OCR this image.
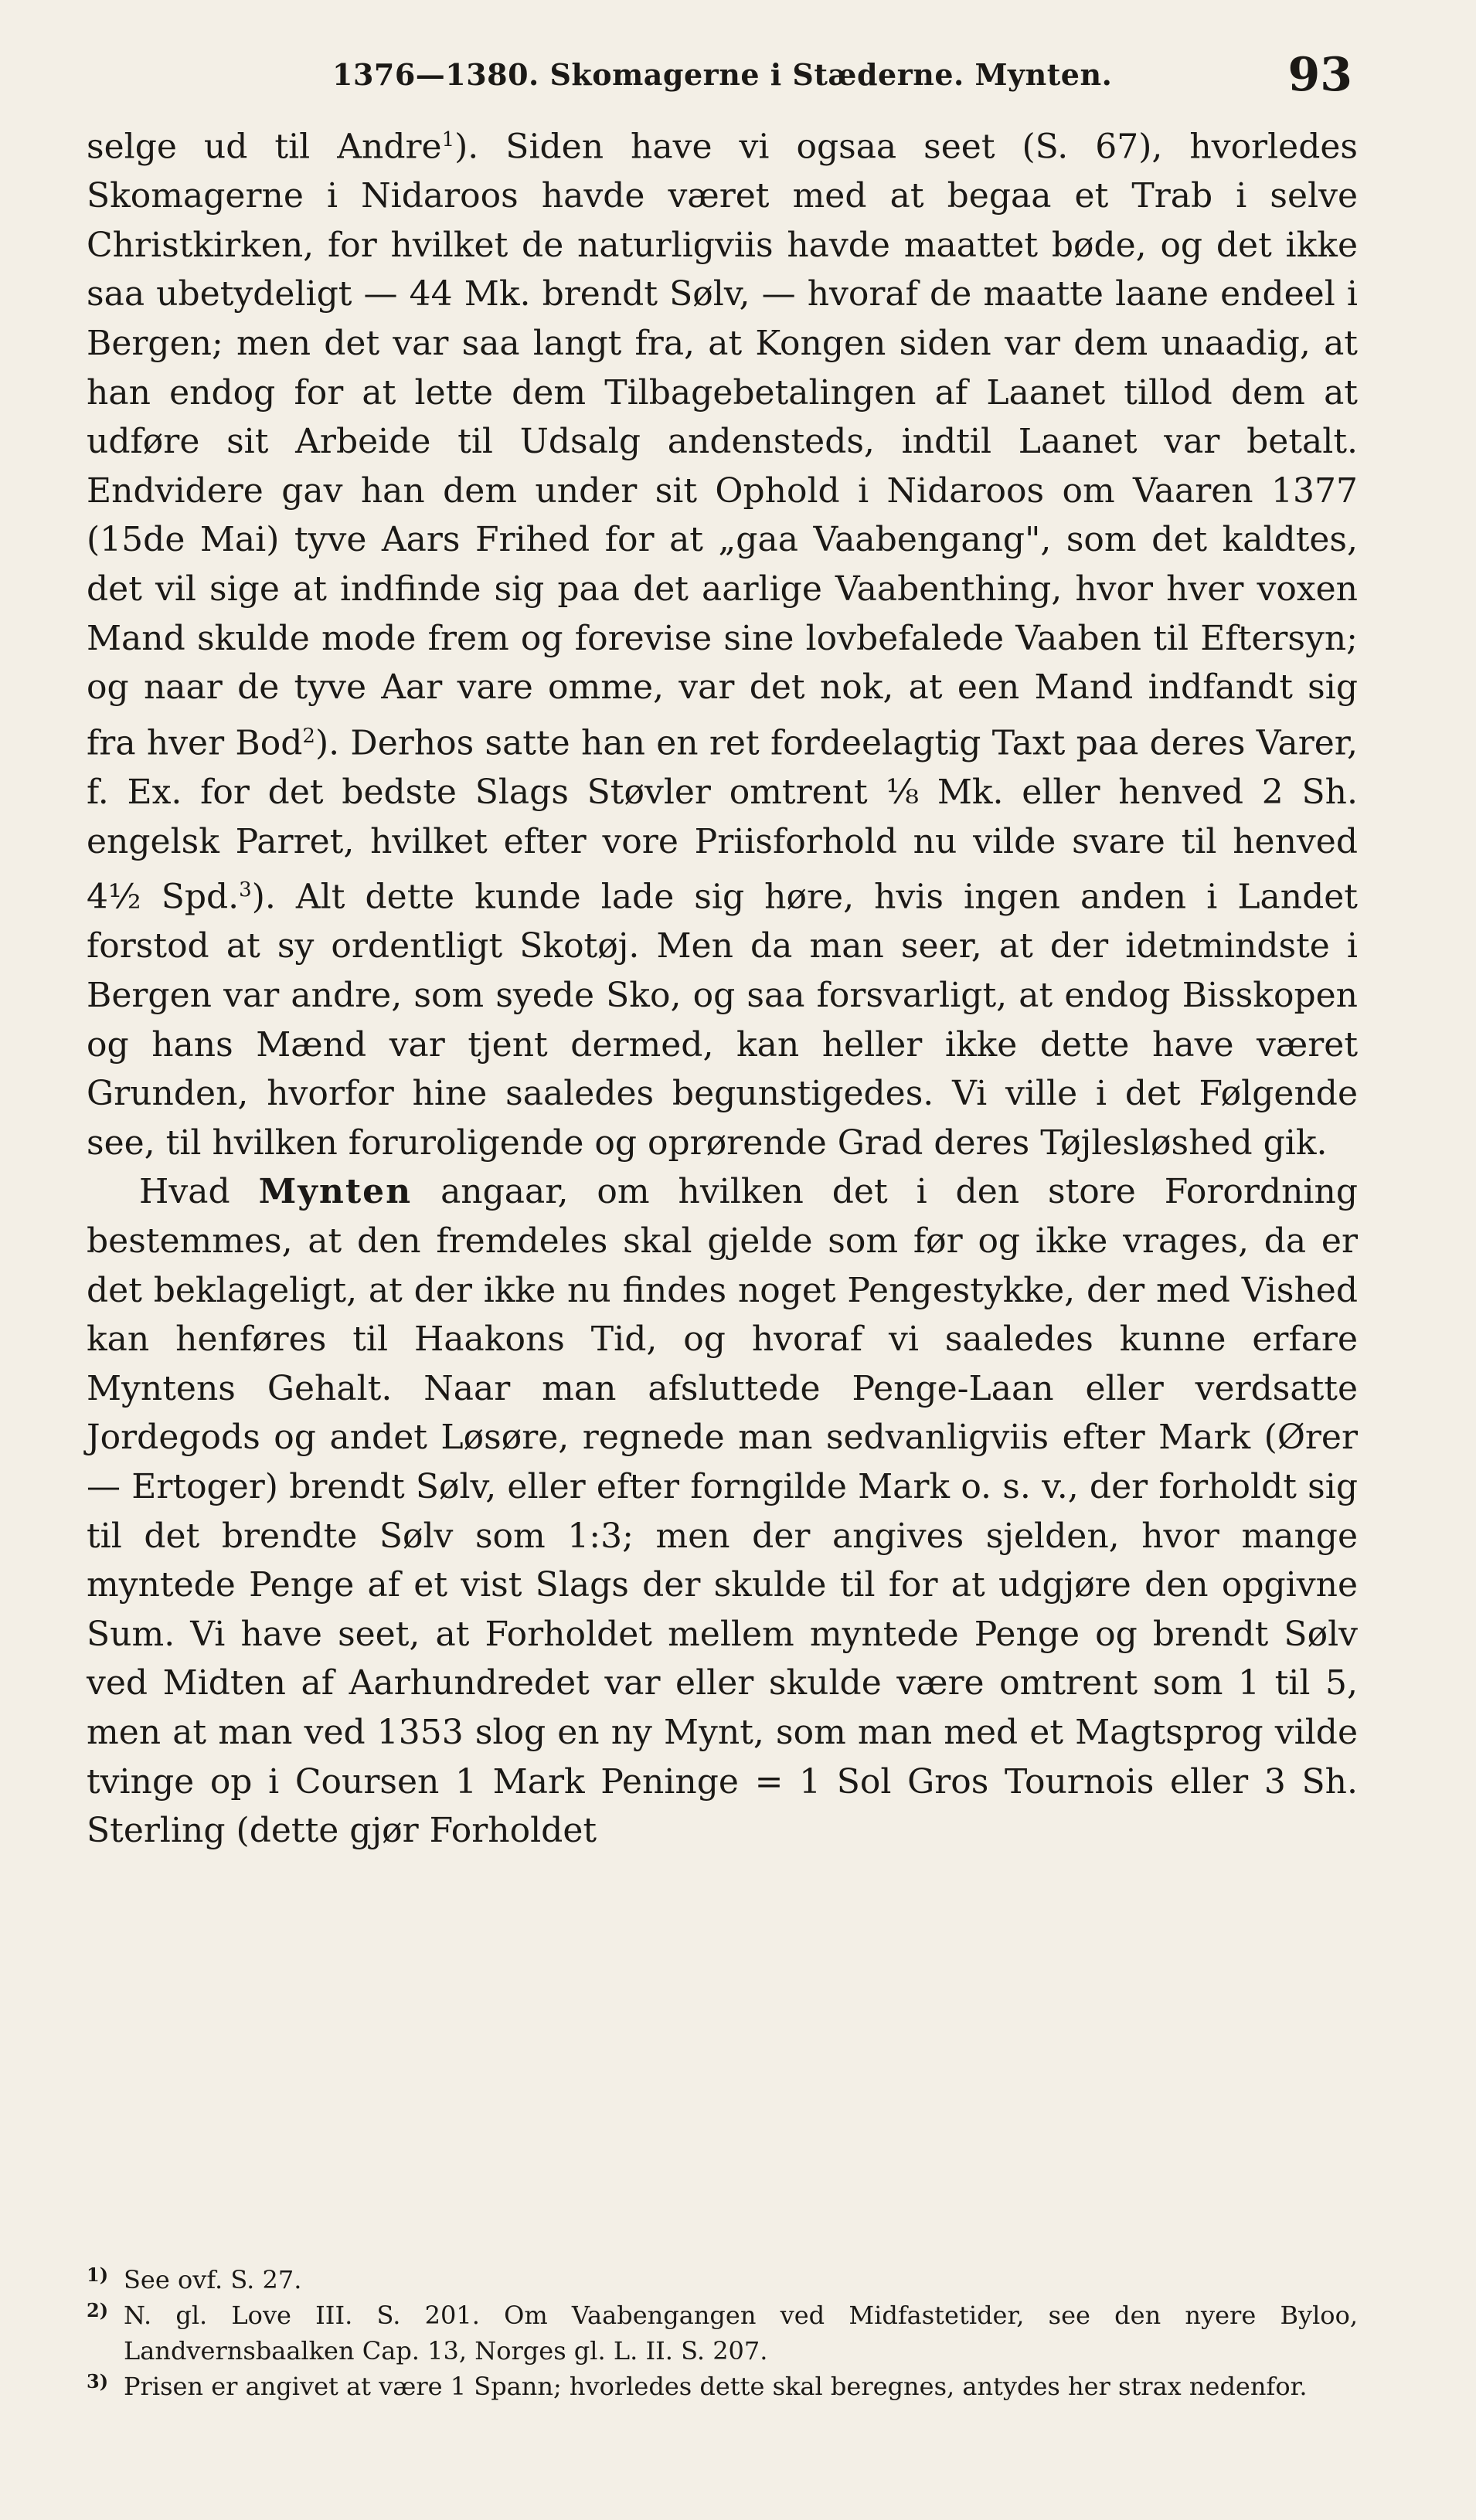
1376—1380. Skomagerne i Stæderne. Mynten.	93

selge ud til Andre$^1$). Siden have vi ogsaa seet (S. 67), hvorledes Skomagerne i Nidaroos havde været med at begaa et Trab i selve Christkirken, for hvilket de naturligviis havde maattet bøde, og det ikke saa ubetydeligt — 44 Mk. brendt Sølv, — hvoraf de maatte laane endeel i Bergen; men det var saa langt fra, at Kongen siden var dem unaadig, at han endog for at lette dem Tilbagebetalingen af Laanet tillod dem at udføre sit Arbeide til Udsalg andensteds, indtil Laanet var betalt. Endvidere gav han dem under sit Ophold i Nidaroos om Vaaren 1377 (15de Mai) tyve Aars Frihed for at „gaa Vaabengang", som det kaldtes, det vil sige at indfinde sig paa det aarlige Vaabenthing, hvor hver voxen Mand skulde mode frem og forevise sine lovbefalede Vaaben til Eftersyn; og naar de tyve Aar vare omme, var det nok, at een Mand indfandt sig fra hver Bod$^2$). Derhos satte han en ret fordeelagtig Taxt paa deres Varer, f. Ex. for det bedste Slags Støvler omtrent ⅛ Mk. eller henved 2 Sh. engelsk Parret, hvilket efter vore Priisforhold nu vilde svare til henved 4½ Spd.$^3$). Alt dette kunde lade sig høre, hvis ingen anden i Landet forstod at sy ordentligt Skotøj. Men da man seer, at der idetmindste i Bergen var andre, som syede Sko, og saa forsvarligt, at endog Bisskopen og hans Mænd var tjent dermed, kan heller ikke dette have været Grunden, hvorfor hine saaledes begunstigedes. Vi ville i det Følgende see, til hvilken foruroligende og oprørende Grad deres Tøjlesløshed gik.

Hvad Mynten angaar, om hvilken det i den store Forordning bestemmes, at den fremdeles skal gjelde som før og ikke vrages, da er det beklageligt, at der ikke nu findes noget Pengestykke, der med Vished kan henføres til Haakons Tid, og hvoraf vi saaledes kunne erfare Myntens Gehalt. Naar man afsluttede Penge-Laan eller verdsatte Jordegods og andet Løsøre, regnede man sedvanligviis efter Mark (Ører — Ertoger) brendt Sølv, eller efter forngilde Mark o. s. v., der forholdt sig til det brendte Sølv som 1:3; men der angives sjelden, hvor mange myntede Penge af et vist Slags der skulde til for at udgjøre den opgivne Sum. Vi have seet, at Forholdet mellem myntede Penge og brendt Sølv ved Midten af Aarhundredet var eller skulde være omtrent som 1 til 5, men at man ved 1353 slog en ny Mynt, som man med et Magtsprog vilde tvinge op i Coursen 1 Mark Peninge = 1 Sol Gros Tournois eller 3 Sh. Sterling (dette gjør Forholdet

1) See ovf. S. 27.
2) N. gl. Love III. S. 201. Om Vaabengangen ved Midfastetider, see den nyere Byloo, Landvernsbaalken Cap. 13, Norges gl. L. II. S. 207.
3) Prisen er angivet at være 1 Spann; hvorledes dette skal beregnes, antydes her strax nedenfor.
